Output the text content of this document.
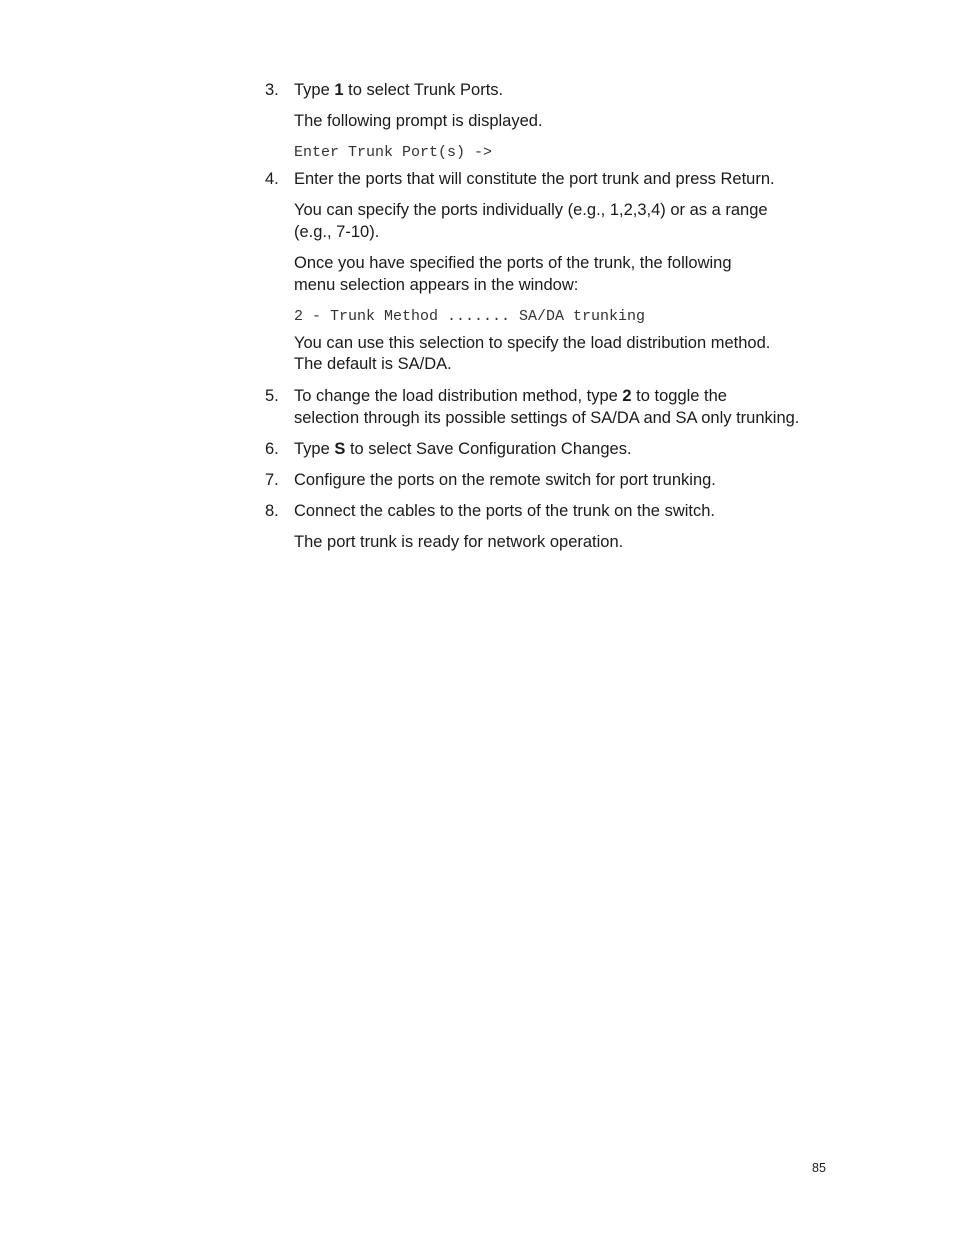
3. Type 1 to select Trunk Ports.
The following prompt is displayed.
Enter Trunk Port(s) ->
4. Enter the ports that will constitute the port trunk and press Return.
You can specify the ports individually (e.g., 1,2,3,4) or as a range
(e.g., 7-10).
Once you have specified the ports of the trunk, the following
menu selection appears in the window:
2 - Trunk Method ....... SA/DA trunking
You can use this selection to specify the load distribution method.
The default is SA/DA.
5. To change the load distribution method, type 2 to toggle the
selection through its possible settings of SA/DA and SA only trunking.
6. Type S to select Save Configuration Changes.
7. Configure the ports on the remote switch for port trunking.
8. Connect the cables to the ports of the trunk on the switch.
The port trunk is ready for network operation.
85
